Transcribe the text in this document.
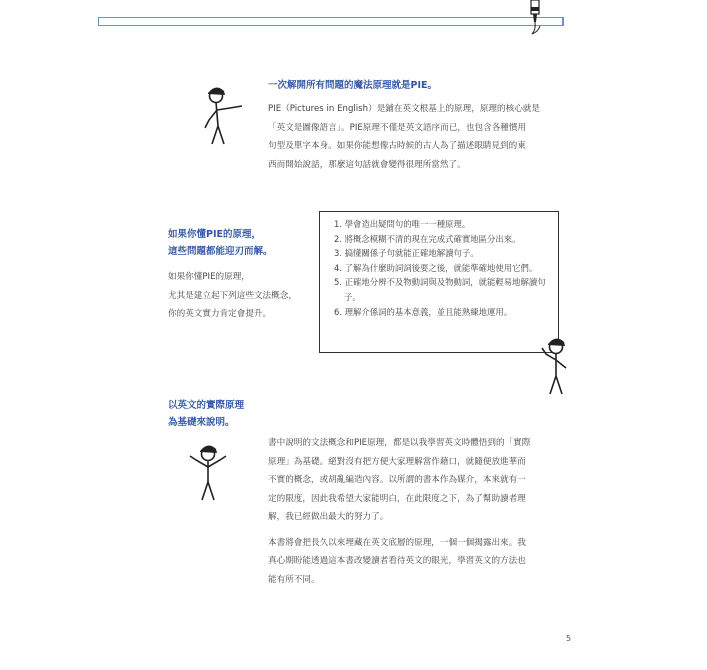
一次解開所有問題的魔法原理就是PIE。

PIE（Pictures in English）是鋪在英文根基上的原理，原理的核心就是

「英文是圖像語言」。PIE原理不僅是英文語序而已，也包含各種慣用

句型及單字本身。如果你能想像古時候的古人為了描述眼睛見到的東

西而開始說話，那麼這句話就會變得很理所當然了。

如果你懂PIE的原理，

這些問題都能迎刃而解。

如果你懂PIE的原理，

尤其是建立起下列這些文法概念，

你的英文實力肯定會提升。

1. 學會造出疑問句的唯一一種原理。
2. 將概念模糊不清的現在完成式確實地區分出來。
3. 搞懂關係子句就能正確地解讀句子。
4. 了解為什麼助詞詞後要之後，就能準確地使用它們。
5. 正確地分辨不及物動詞與及物動詞，就能輕易地解讀句子。
6. 理解介係詞的基本意義，並且能熟練地運用。

以英文的實際原理

為基礎來說明。

書中說明的文法概念和PIE原理，都是以我學習英文時體悟到的「實際

原理」為基礎。絕對沒有把方便大家理解當作藉口，就隨便放進華而

不實的概念，或胡亂編造內容。以所謂的書本作為媒介，本來就有一

定的限度，因此我希望大家能明白，在此限度之下，為了幫助讀者理

解，我已經做出最大的努力了。

本書將會把長久以來埋藏在英文底層的原理，一個一個揭露出來。我

真心期盼能透過這本書改變讀者看待英文的眼光，學習英文的方法也

能有所不同。

5
